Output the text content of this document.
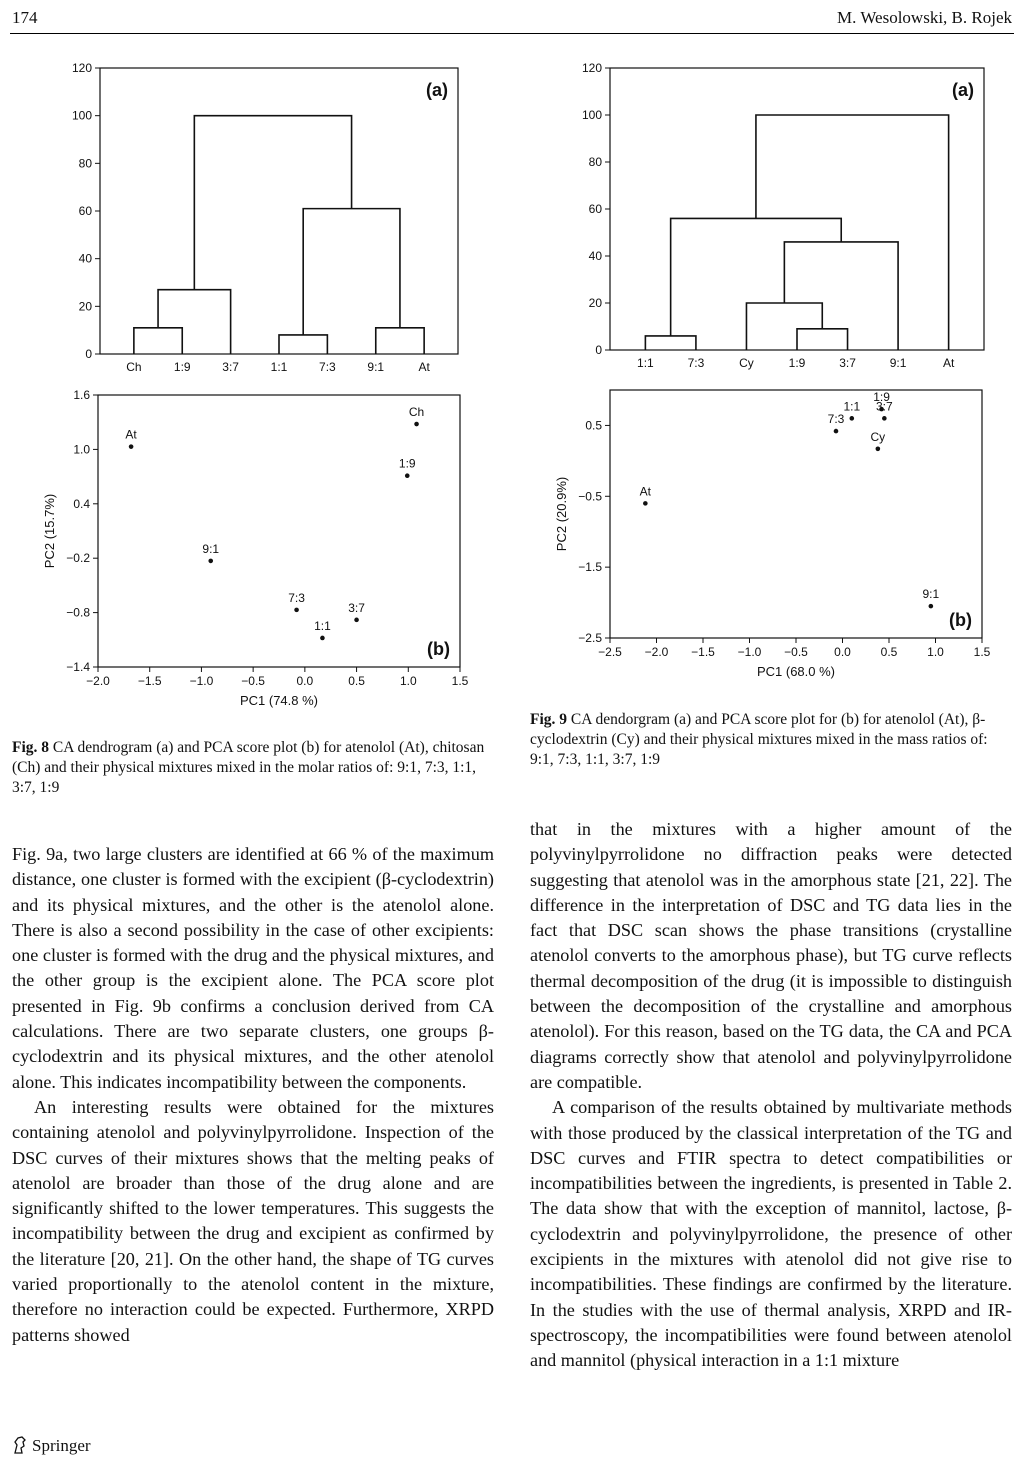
174	M. Wesolowski, B. Rojek
0
20
40
60
80
100
120
Ch	1:9	3:7	1:1	7:3	9:1	At
(a)
−2.0 −1.5 −1.0 −0.5	0.0	0.5	1.0	1.5
−1.4
−0.8
−0.2
0.4
1.0
1.6
PC1 (74.8 %)
PC2 (15.7%)
At
Ch
1:9
9:1
7:3
3:7
1:1
(b)
0
20
40
60
80
100
120
1:1	7:3	Cy	1:9	3:7	9:1	At
(a)
−2.5 −2.0 −1.5 −1.0 −0.5 0.0 0.5 1.0 1.5
−2.5
−1.5
−0.5
0.5
PC1 (68.0 %)
PC2 (20.9%)	At
1:1
1:9
3:7
7:3
Cy
9:1
(b)
Fig. 8 CA dendrogram (a) and PCA score plot (b) for atenolol (At), chitosan (Ch) and their physical mixtures mixed in the molar ratios of: 9:1, 7:3, 1:1, 3:7, 1:9
Fig. 9 CA dendorgram (a) and PCA score plot for (b) for atenolol (At), β-cyclodextrin (Cy) and their physical mixtures mixed in the mass ratios of: 9:1, 7:3, 1:1, 3:7, 1:9

Fig. 9a, two large clusters are identified at 66 % of the maximum distance, one cluster is formed with the excipient (β-cyclodextrin) and its physical mixtures, and the other is the atenolol alone. There is also a second possibility in the case of other excipients: one cluster is formed with the drug and the physical mixtures, and the other group is the excipient alone. The PCA score plot presented in Fig. 9b confirms a conclusion derived from CA calculations. There are two separate clusters, one groups β-cyclodextrin and its physical mixtures, and the other atenolol alone. This indicates incompatibility between the components.

An interesting results were obtained for the mixtures containing atenolol and polyvinylpyrrolidone. Inspection of the DSC curves of their mixtures shows that the melting peaks of atenolol are broader than those of the drug alone and are significantly shifted to the lower temperatures. This suggests the incompatibility between the drug and excipient as confirmed by the literature [20, 21]. On the other hand, the shape of TG curves varied proportionally to the atenolol content in the mixture, therefore no interaction could be expected. Furthermore, XRPD patterns showed

that in the mixtures with a higher amount of the polyvinylpyrrolidone no diffraction peaks were detected suggesting that atenolol was in the amorphous state [21, 22]. The difference in the interpretation of DSC and TG data lies in the fact that DSC scan shows the phase transitions (crystalline atenolol converts to the amorphous phase), but TG curve reflects thermal decomposition of the drug (it is impossible to distinguish between the decomposition of the crystalline and amorphous atenolol). For this reason, based on the TG data, the CA and PCA diagrams correctly show that atenolol and polyvinylpyrrolidone are compatible.

A comparison of the results obtained by multivariate methods with those produced by the classical interpretation of the TG and DSC curves and FTIR spectra to detect compatibilities or incompatibilities between the ingredients, is presented in Table 2. The data show that with the exception of mannitol, lactose, β-cyclodextrin and polyvinylpyrrolidone, the presence of other excipients in the mixtures with atenolol did not give rise to incompatibilities. These findings are confirmed by the literature. In the studies with the use of thermal analysis, XRPD and IR-spectroscopy, the incompatibilities were found between atenolol and mannitol (physical interaction in a 1:1 mixture

Springer
